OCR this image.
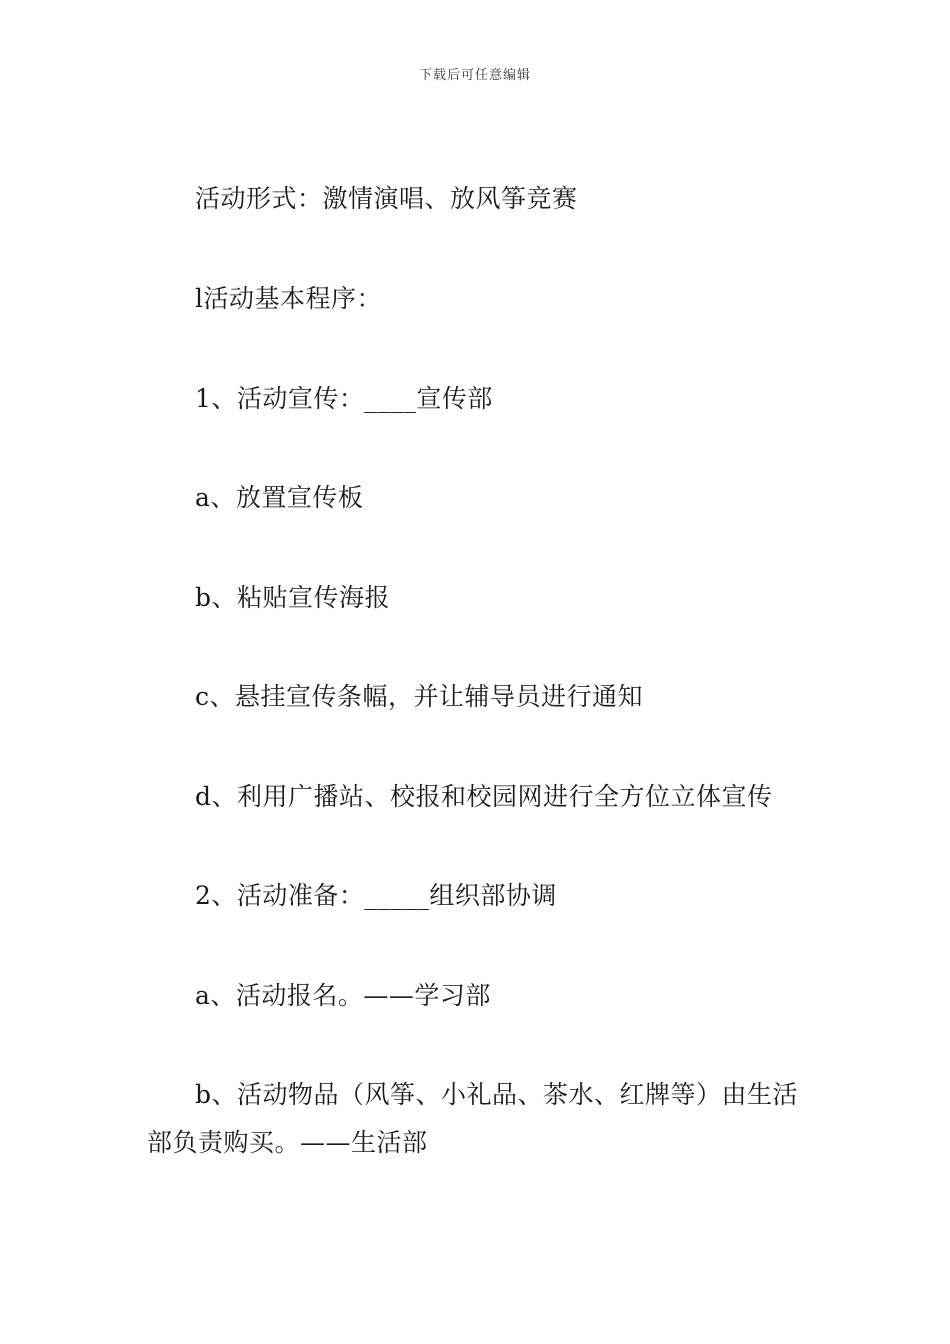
下载后可任意编辑

活动形式：激情演唱、放风筝竞赛

l活动基本程序：

1、活动宣传：____宣传部

a、放置宣传板

b、粘贴宣传海报

c、悬挂宣传条幅，并让辅导员进行通知

d、利用广播站、校报和校园网进行全方位立体宣传

2、活动准备：_____组织部协调

a、活动报名。——学习部

b、活动物品（风筝、小礼品、茶水、红牌等）由生活部负责购买。——生活部
